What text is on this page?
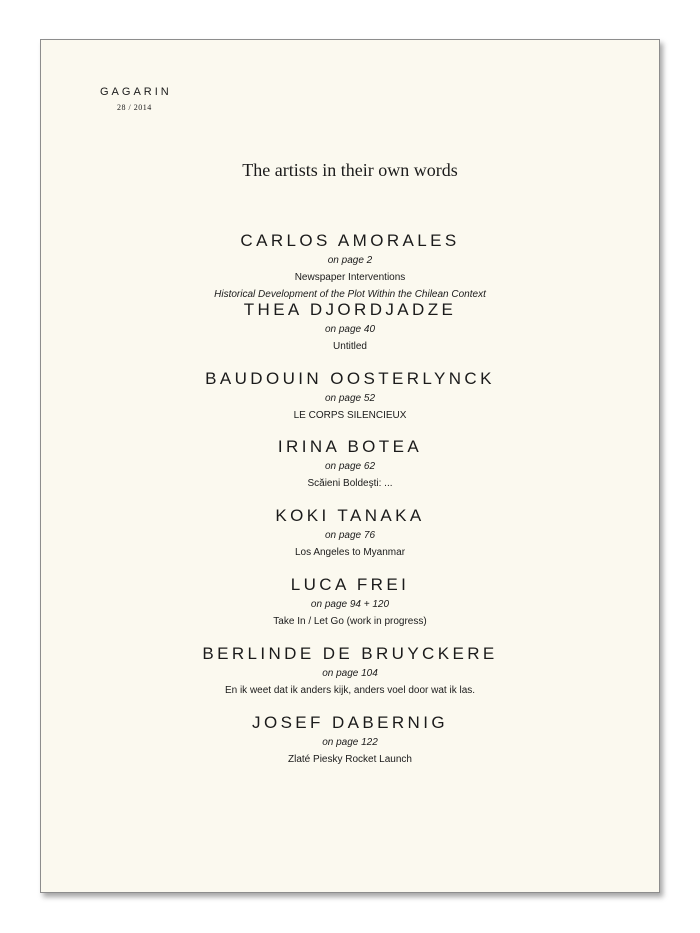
GAGARIN
28 / 2014
The artists in their own words
CARLOS AMORALES
on page 2
Newspaper Interventions
Historical Development of the Plot Within the Chilean Context
THEA DJORDJADZE
on page 40
Untitled
BAUDOUIN OOSTERLYNCK
on page 52
LE CORPS SILENCIEUX
IRINA BOTEA
on page 62
Scăieni Boldeşti: ...
KOKI TANAKA
on page 76
Los Angeles to Myanmar
LUCA FREI
on page 94 + 120
Take In / Let Go (work in progress)
BERLINDE DE BRUYCKERE
on page 104
En ik weet dat ik anders kijk, anders voel door wat ik las.
JOSEF DABERNIG
on page 122
Zlaté Piesky Rocket Launch
